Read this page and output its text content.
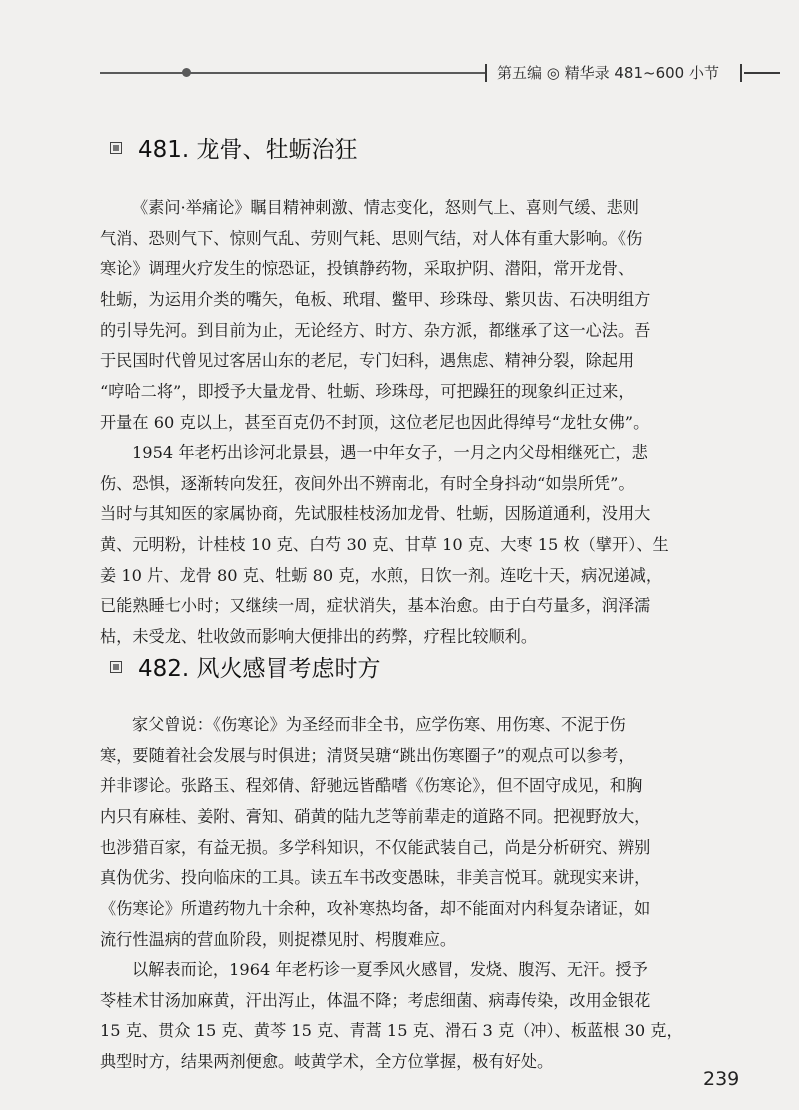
第五编 ◎ 精华录 481~600 小节
481. 龙骨、牡蛎治狂
《素问·举痛论》瞩目精神刺激、情志变化，怒则气上、喜则气缓、悲则
气消、恐则气下、惊则气乱、劳则气耗、思则气结，对人体有重大影响。《伤
寒论》调理火疗发生的惊恐证，投镇静药物，采取护阴、潜阳，常开龙骨、
牡蛎，为运用介类的嘴矢，龟板、玳瑁、鳖甲、珍珠母、紫贝齿、石决明组方
的引导先河。到目前为止，无论经方、时方、杂方派，都继承了这一心法。吾
于民国时代曾见过客居山东的老尼，专门妇科，遇焦虑、精神分裂，除起用
“哼哈二将”，即授予大量龙骨、牡蛎、珍珠母，可把躁狂的现象纠正过来，
开量在 60 克以上，甚至百克仍不封顶，这位老尼也因此得绰号“龙牡女佛”。
1954 年老朽出诊河北景县，遇一中年女子，一月之内父母相继死亡，悲
伤、恐惧，逐渐转向发狂，夜间外出不辨南北，有时全身抖动“如祟所凭”。
当时与其知医的家属协商，先试服桂枝汤加龙骨、牡蛎，因肠道通利，没用大
黄、元明粉，计桂枝 10 克、白芍 30 克、甘草 10 克、大枣 15 枚（擘开）、生
姜 10 片、龙骨 80 克、牡蛎 80 克，水煎，日饮一剂。连吃十天，病况递减，
已能熟睡七小时；又继续一周，症状消失，基本治愈。由于白芍量多，润泽濡
枯，未受龙、牡收敛而影响大便排出的药弊，疗程比较顺利。
482. 风火感冒考虑时方
家父曾说：《伤寒论》为圣经而非全书，应学伤寒、用伤寒、不泥于伤
寒，要随着社会发展与时俱进；清贤吴瑭“跳出伤寒圈子”的观点可以参考，
并非谬论。张路玉、程郊倩、舒驰远皆酷嗜《伤寒论》，但不固守成见，和胸
内只有麻桂、姜附、膏知、硝黄的陆九芝等前辈走的道路不同。把视野放大，
也涉猎百家，有益无损。多学科知识，不仅能武装自己，尚是分析研究、辨别
真伪优劣、投向临床的工具。读五车书改变愚昧，非美言悦耳。就现实来讲，
《伤寒论》所遣药物九十余种，攻补寒热均备，却不能面对内科复杂诸证，如
流行性温病的营血阶段，则捉襟见肘、枵腹难应。
以解表而论，1964 年老朽诊一夏季风火感冒，发烧、腹泻、无汗。授予
苓桂术甘汤加麻黄，汗出泻止，体温不降；考虑细菌、病毒传染，改用金银花
15 克、贯众 15 克、黄芩 15 克、青蒿 15 克、滑石 3 克（冲）、板蓝根 30 克，
典型时方，结果两剂便愈。岐黄学术，全方位掌握，极有好处。
239
